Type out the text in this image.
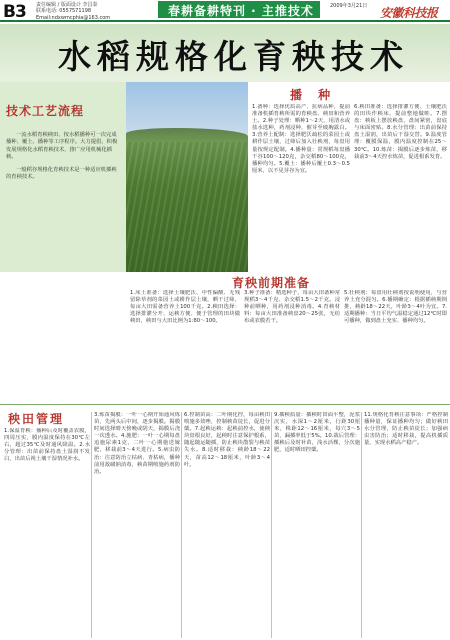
B3 责任编辑 / 版面设计 李昌泰
联系电话: 0557571198
Email:ndxwmcphia@163.com	春耕备耕特刊 · 主推技术	2009年3月21日 安徽科技报
水稻规格化育秧技术
技术工艺流程

一流水稻育秧秧田、按水稻播种可一次完成播种、覆土、播种等工序程序。大力提倡、积极发展规格化水稻育秧技术，推广应用机械化插秧。

一般稻谷规格化育秧技术是一种适应机插秧的育秧技术。

播 种
1.备种：选择优质高产、抗病品种，提前准备机插育秧所需的育秧盘、秧田和营养土。2.种子处理：晒种1～2天，用清水或盐水选种，药剂浸种，催芽至破胸露白。3.营养土配制：选择肥沃疏松的菜园土或耕作层土壤，过筛后加入壮秧剂，每盘用量按规定配制。4.播种量：常规稻每盘播干谷100～120克，杂交稻80～100克，播种均匀。5.覆土：播种后覆土0.3～0.5厘米，以不见芽谷为宜。
6.秧田准备：选择排灌方便、土壤肥沃的田块作秧床，提前整地做畦。7.摆盘：秧板上摆放秧盘，盘间紧密，盘底与床面密贴。8.水分管理：出苗前保持盘土湿润，出苗后干湿交替。9.温度管理：覆膜保温，膜内温度控制在25～30℃。10.炼苗：揭膜后逐步炼苗，移栽前3～4天控水炼苗，促进根系发育。
育秧前期准备
1.床土准备：选择土壤肥沃、中性偏酸、无残留除草剂的菜园土或耕作层土壤，晒干过筛，每亩大田需备营养土100千克。2.秧田选择：选择排灌分开、运秧方便、便于管理的田块做秧田，秧田与大田比例为1:80～100。
3.种子准备：精选种子，每亩大田备种常规稻3～4千克、杂交稻1.5～2千克。浸种前晒种，用药剂浸种消毒。4.育秧材料：每亩大田准备秧盘20～25张，无纺布或农膜若干。
5.壮秧剂：每盘用壮秧剂按说明使用，与营养土充分混匀。6.播期确定：根据插秧期倒推，秧龄18～22天，叶龄3～4叶为宜。7.适期播种：当日平均气温稳定通过12℃时即可播种，做到盘土充实、播种均匀。
秧田管理
1.保温育秧：播种后及时覆盖农膜，四周压实，膜内温度保持在30℃左右，超过35℃及时通风降温。2.水分管理：出苗前保持盘土湿润不发白，出苗后视土壤干湿情况补水。
3.炼苗揭膜：一叶一心期开始通风炼苗，先两头后中间，逐步揭膜。揭膜时间选择晴天傍晚或阴天，揭膜后浇一次透水。4.施肥：一叶一心期每盘追施尿素1克，二叶一心期施送嫁肥，移栽前3～4天进行。5.病虫防治：注意防治立枯病、青枯病，播种前用敌磺钠消毒，秧苗期喷施药剂防治。
6.控制苗高：二叶期化控，每亩秧田喷施多效唑，控制秧苗徒长，促进分蘖。7.起秧运秧：起秧前控水，使秧块盘根良好，起秧时注意保护根系，随起随运随插，防止秧块散裂与秧苗失水。8.适时移栽：秧龄18～22天，苗高12～18厘米，叶龄3～4叶。
9.插秧质量：插秧时田面平整，泥浆沉实，水深1～2厘米，行距30厘米，株距12～16厘米，每穴3～5苗，漏插率低于5%。10.栽后管理：插秧后及时补苗，浅水活棵，分次施肥，适时晒田控蘖。
11.规格化育秧注意事项：严格控制播种量，保证播种均匀；做好秧田水分管理，防止秧苗徒长；加强病虫害防治；适时移栽，提高机插质量，实现水稻高产稳产。
